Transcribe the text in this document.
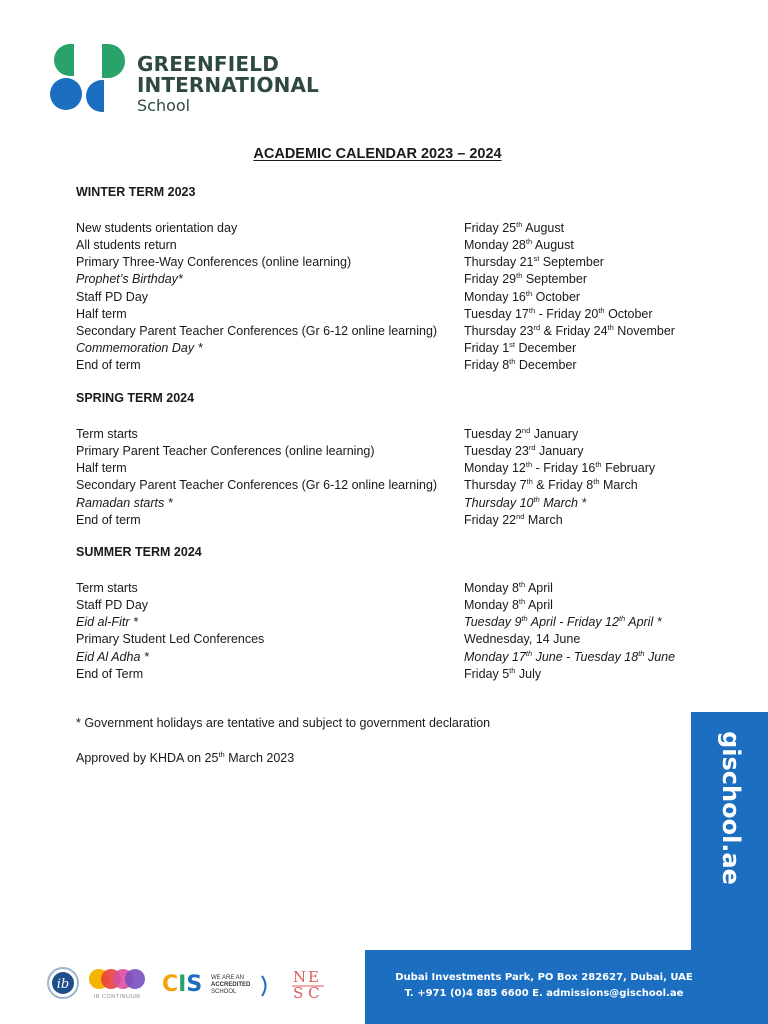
GREENFIELD
INTERNATIONAL
School
ACADEMIC CALENDAR 2023 – 2024
WINTER TERM 2023
New students orientation day	Friday 25th August
All students return	Monday 28th August
Primary Three-Way Conferences (online learning)	Thursday 21st September
Prophet’s Birthday*	Friday 29th September
Staff PD Day	Monday 16th October
Half term	Tuesday 17th - Friday 20th October
Secondary Parent Teacher Conferences (Gr 6-12 online learning) Thursday 23rd & Friday 24th November
Commemoration Day *	Friday 1st December
End of term	Friday 8th December
SPRING TERM 2024
Term starts	Tuesday 2nd January
Primary Parent Teacher Conferences (online learning)	Tuesday 23rd January
Half term	Monday 12th - Friday 16th February
Secondary Parent Teacher Conferences (Gr 6-12 online learning) Thursday 7th & Friday 8th March
Ramadan starts *	Thursday 10th March *
End of term	Friday 22nd March
SUMMER TERM 2024
Term starts	Monday 8th April
Staff PD Day	Monday 8th April
Eid al-Fitr *	Tuesday 9th April - Friday 12th April *
Primary Student Led Conferences	Wednesday, 14 June
Eid Al Adha *	Monday 17th June - Tuesday 18th June
End of Term	Friday 5th July
* Government holidays are tentative and subject to government declaration
Approved by KHDA on 25th March 2023	gischool.ae
Dubai Investments Park, PO Box 282627, Dubai, UAE
T. +971 (0)4 885 6600 E. admissions@gischool.ae
ib
IB CONTINUUM CIS WE ARE AN
ACCREDITED
SCHOOL
N E
S C
